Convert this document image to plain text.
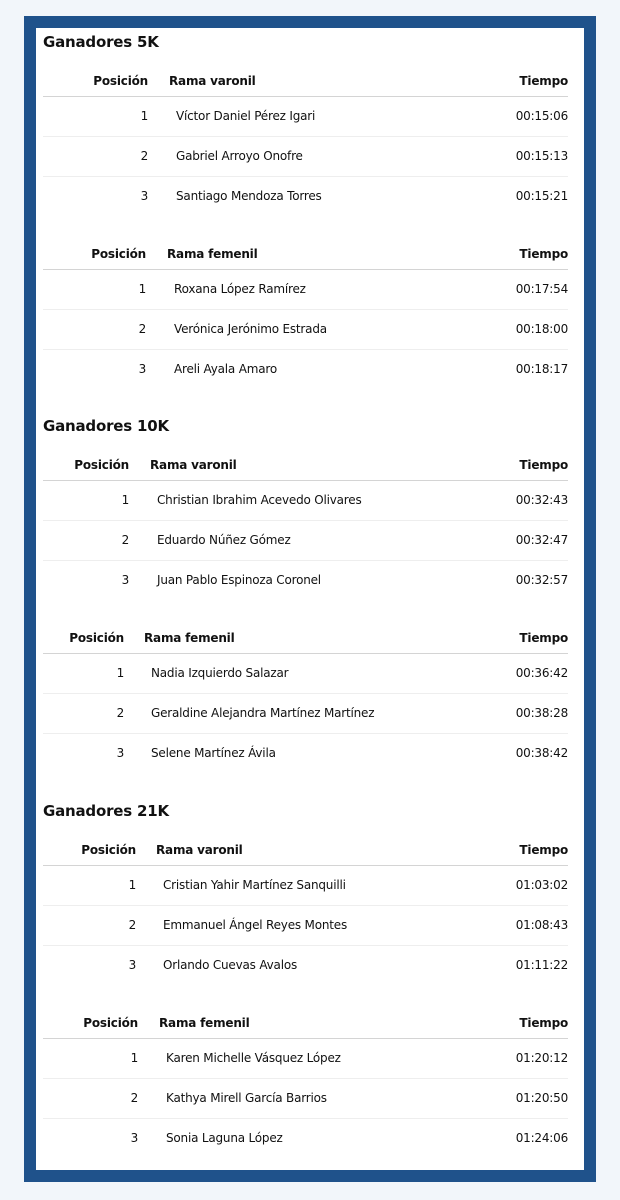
Ganadores 5K
Posición Rama varonil	Tiempo
1 Víctor Daniel Pérez Igari	00:15:06
2 Gabriel Arroyo Onofre	00:15:13
3 Santiago Mendoza Torres	00:15:21
Posición Rama femenil	Tiempo
1 Roxana López Ramírez	00:17:54
2 Verónica Jerónimo Estrada	00:18:00
3 Areli Ayala Amaro	00:18:17
Ganadores 10K
Posición Rama varonil	Tiempo
1 Christian Ibrahim Acevedo Olivares	00:32:43
2 Eduardo Núñez Gómez	00:32:47
3 Juan Pablo Espinoza Coronel	00:32:57
Posición Rama femenil	Tiempo
1 Nadia Izquierdo Salazar	00:36:42
2 Geraldine Alejandra Martínez Martínez	00:38:28
3 Selene Martínez Ávila	00:38:42
Ganadores 21K
Posición Rama varonil	Tiempo
1 Cristian Yahir Martínez Sanquilli	01:03:02
2 Emmanuel Ángel Reyes Montes	01:08:43
3 Orlando Cuevas Avalos	01:11:22
Posición Rama femenil	Tiempo
1 Karen Michelle Vásquez López	01:20:12
2 Kathya Mirell García Barrios	01:20:50
3 Sonia Laguna López	01:24:06
